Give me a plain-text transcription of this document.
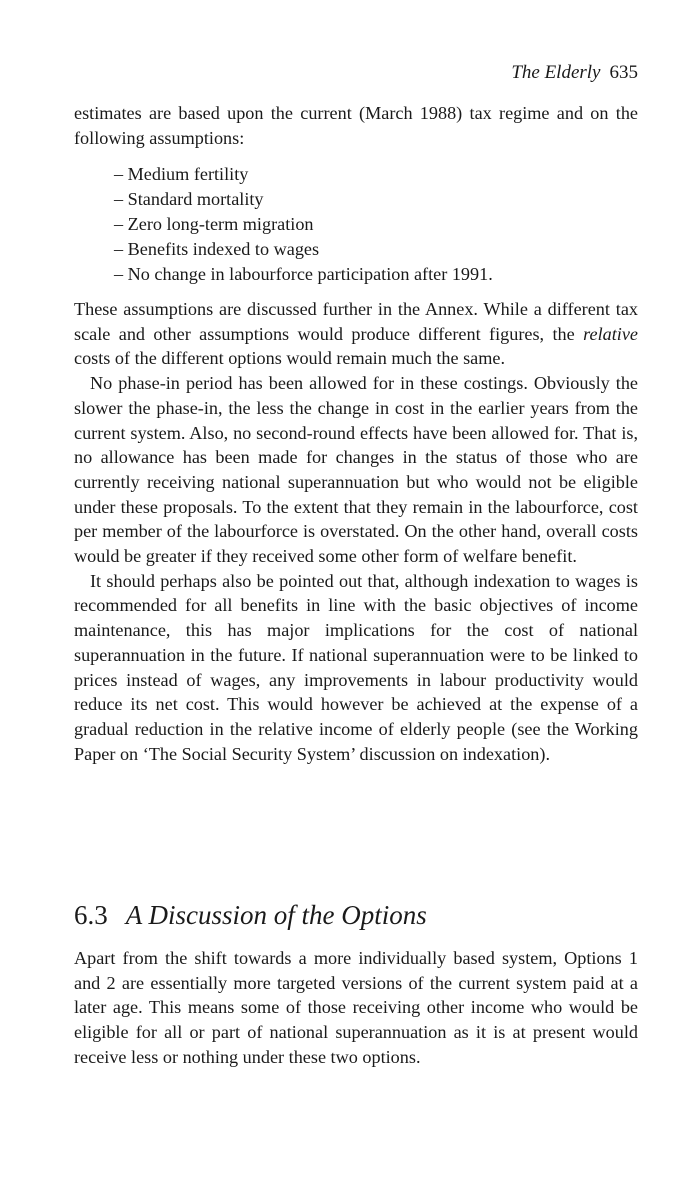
The Elderly 635

estimates are based upon the current (March 1988) tax regime and on the following assumptions:

– Medium fertility
– Standard mortality
– Zero long-term migration
– Benefits indexed to wages
– No change in labourforce participation after 1991.

These assumptions are discussed further in the Annex. While a different tax scale and other assumptions would produce different figures, the relative costs of the different options would remain much the same.

No phase-in period has been allowed for in these costings. Obviously the slower the phase-in, the less the change in cost in the earlier years from the current system. Also, no second-round effects have been allowed for. That is, no allowance has been made for changes in the status of those who are currently receiving national superannuation but who would not be eligible under these proposals. To the extent that they remain in the labourforce, cost per member of the labourforce is overstated. On the other hand, overall costs would be greater if they received some other form of welfare benefit.

It should perhaps also be pointed out that, although indexation to wages is recommended for all benefits in line with the basic objectives of income maintenance, this has major implications for the cost of national superannuation in the future. If national superannuation were to be linked to prices instead of wages, any improvements in labour productivity would reduce its net cost. This would however be achieved at the expense of a gradual reduction in the relative income of elderly people (see the Working Paper on ‘The Social Security System’ discussion on indexation).

6.3 A Discussion of the Options

Apart from the shift towards a more individually based system, Options 1 and 2 are essentially more targeted versions of the current system paid at a later age. This means some of those receiving other income who would be eligible for all or part of national superannuation as it is at present would receive less or nothing under these two options.
